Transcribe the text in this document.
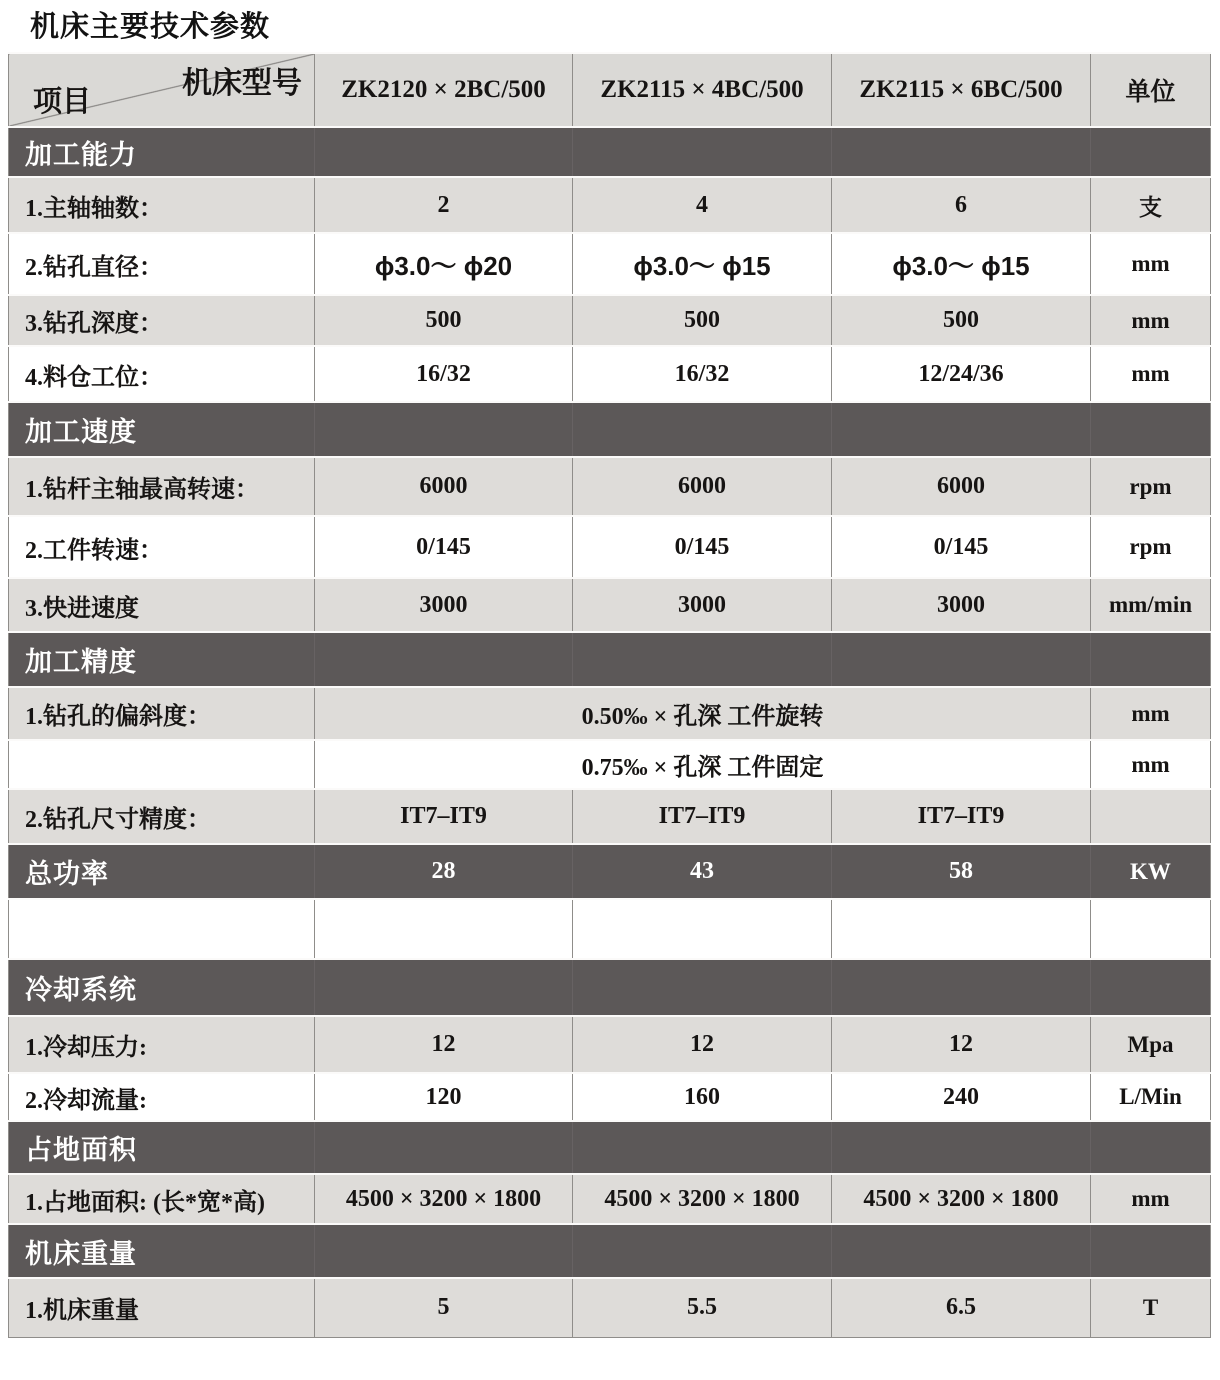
机床主要技术参数
机床型号
项目	ZK2120 × 2BC/500	ZK2115 × 4BC/500	ZK2115 × 6BC/500	单位
加工能力				
1.主轴轴数：	2	4	6	支
2.钻孔直径：	ϕ3.0～ ϕ20	ϕ3.0～ ϕ15	ϕ3.0～ ϕ15	mm
3.钻孔深度：	500	500	500	mm
4.料仓工位：	16/32	16/32	12/24/36	mm
加工速度				
1.钻杆主轴最高转速：	6000	6000	6000	rpm
2.工件转速：	0/145	0/145	0/145	rpm
3.快进速度	3000	3000	3000	mm/min
加工精度				
1.钻孔的偏斜度：	0.50‰ × 孔深 工件旋转			mm
	0.75‰ × 孔深 工件固定			mm
2.钻孔尺寸精度：	IT7–IT9	IT7–IT9	IT7–IT9	
总功率	28	43	58	KW

冷却系统				
1.冷却压力:	12	12	12	Mpa
2.冷却流量:	120	160	240	L/Min
占地面积				
1.占地面积: (长*宽*高)	4500 × 3200 × 1800	4500 × 3200 × 1800	4500 × 3200 × 1800	mm
机床重量				
1.机床重量	5	5.5	6.5	T
